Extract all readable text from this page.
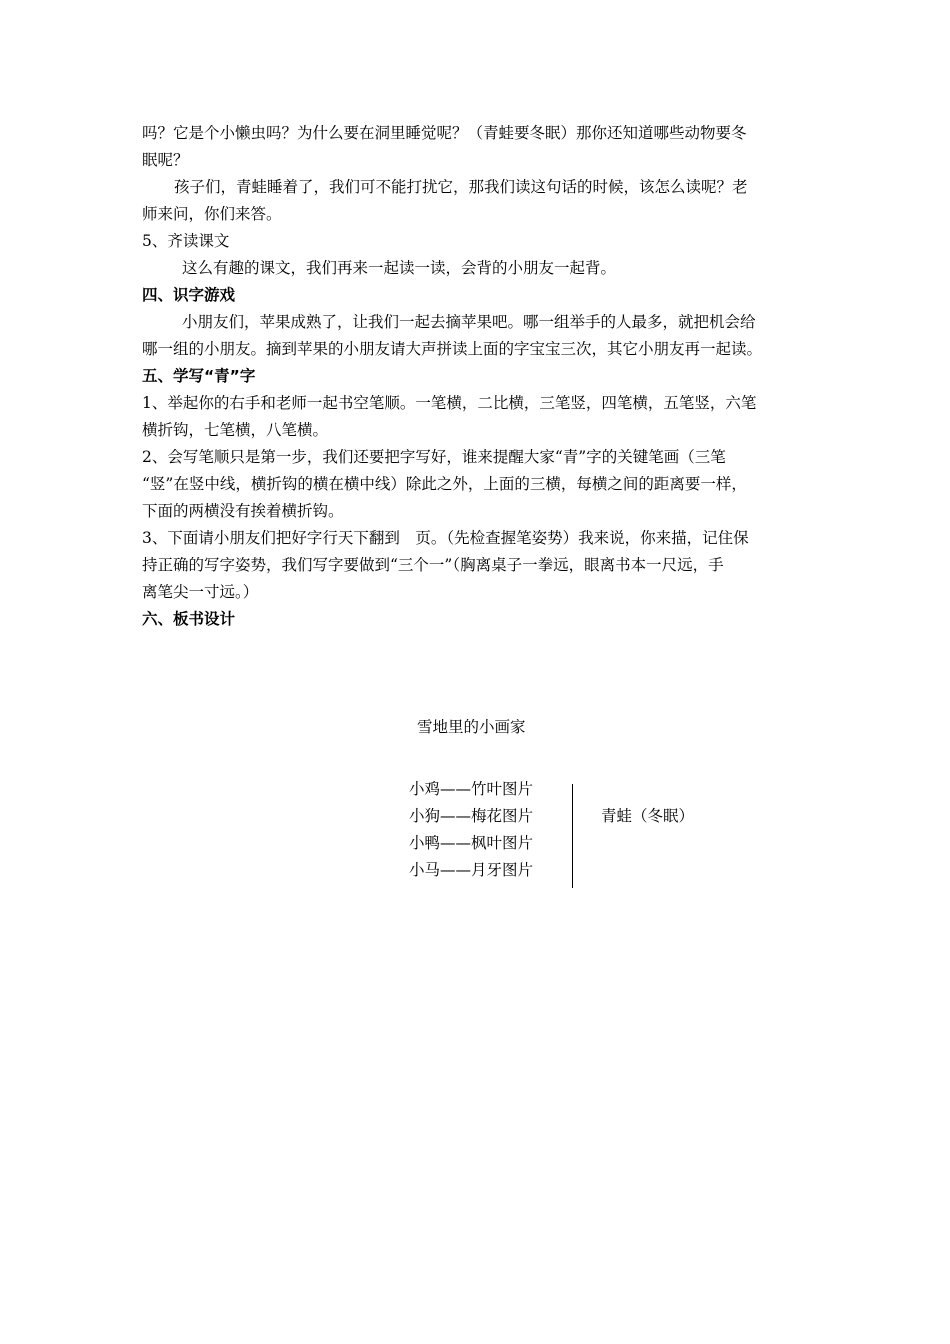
吗？它是个小懒虫吗？为什么要在洞里睡觉呢？（青蛙要冬眠）那你还知道哪些动物要冬

眠呢？

孩子们，青蛙睡着了，我们可不能打扰它，那我们读这句话的时候，该怎么读呢？老

师来问，你们来答。

5、齐读课文

这么有趣的课文，我们再来一起读一读，会背的小朋友一起背。

四、识字游戏

小朋友们，苹果成熟了，让我们一起去摘苹果吧。哪一组举手的人最多，就把机会给

哪一组的小朋友。摘到苹果的小朋友请大声拼读上面的字宝宝三次，其它小朋友再一起读。

五、学写“青”字

1、举起你的右手和老师一起书空笔顺。一笔横，二比横，三笔竖，四笔横，五笔竖，六笔

横折钩，七笔横，八笔横。

2、会写笔顺只是第一步，我们还要把字写好，谁来提醒大家“青”字的关键笔画（三笔

“竖”在竖中线，横折钩的横在横中线）除此之外，上面的三横，每横之间的距离要一样，

下面的两横没有挨着横折钩。

3、下面请小朋友们把好字行天下翻到　页。（先检查握笔姿势）我来说，你来描，记住保

持正确的写字姿势，我们写字要做到“三个一”（胸离桌子一拳远，眼离书本一尺远，手

离笔尖一寸远。）

六、板书设计

雪地里的小画家

小鸡——竹叶图片

小狗——梅花图片

小鸭——枫叶图片

小马——月牙图片

青蛙（冬眠）
